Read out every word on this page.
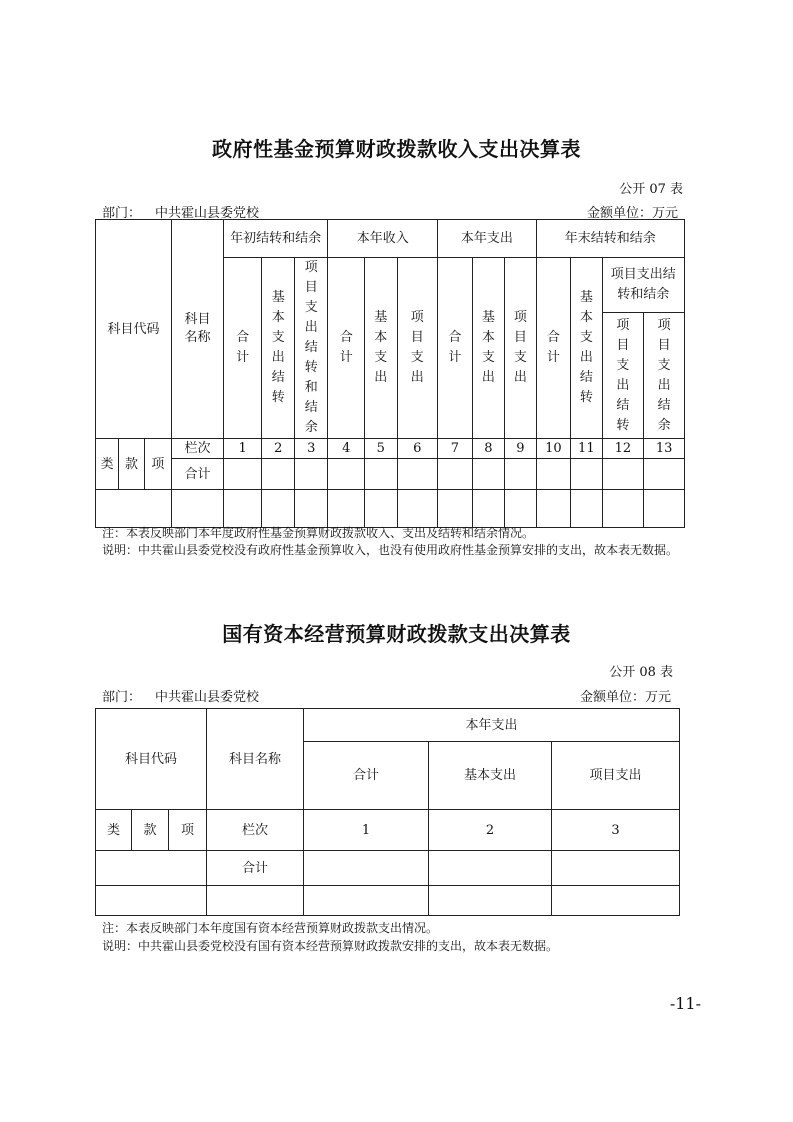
政府性基金预算财政拨款收入支出决算表
公开 07 表
部门： 中共霍山县委党校	金额单位：万元
科目代码			科目名称	年初结转和结余			本年收入			本年支出			年末结转和结余			
				合计	基本支出结转	项目支出结转和结余	合计	基本支出	项目支出	合计	基本支出	项目支出	合计	基本支出结转	项目支出结转和结余	
															项目支出结转	项目支出结余

类	款	项	栏次	1	2	3	4	5	6	7	8	9	10	11	12	13
			合计													

注：本表反映部门本年度政府性基金预算财政拨款收入、支出及结转和结余情况。
说明：中共霍山县委党校没有政府性基金预算收入，也没有使用政府性基金预算安排的支出，故本表无数据。
国有资本经营预算财政拨款支出决算表
公开 08 表
部门： 中共霍山县委党校	金额单位：万元
科目代码			科目名称	本年支出		
				合计	基本支出	项目支出
类	款	项	栏次	1	2	3
			合计			

注：本表反映部门本年度国有资本经营预算财政拨款支出情况。
说明：中共霍山县委党校没有国有资本经营预算财政拨款安排的支出，故本表无数据。
-11-
